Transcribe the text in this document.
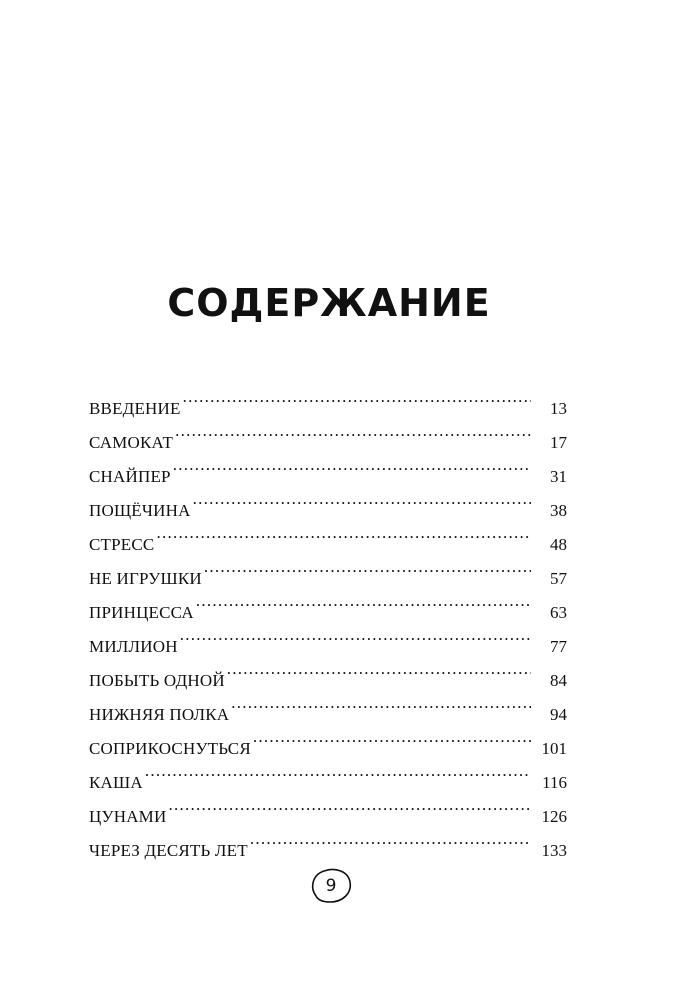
СОДЕРЖАНИЕ
ВВЕДЕНИЕ . . .	13
САМОКАТ . . .	17
СНАЙПЕР . . .	31
ПОЩЁЧИНА . . .	38
СТРЕСС . . .	48
НЕ ИГРУШКИ . . .	57
ПРИНЦЕССА . . .	63
МИЛЛИОН . . .	77
ПОБЫТЬ ОДНОЙ . . .	84
НИЖНЯЯ ПОЛКА . . .	94
СОПРИКОСНУТЬСЯ . . .	101
КАША . . .	116
ЦУНАМИ . . .	126
ЧЕРЕЗ ДЕСЯТЬ ЛЕТ . . .	133
9
